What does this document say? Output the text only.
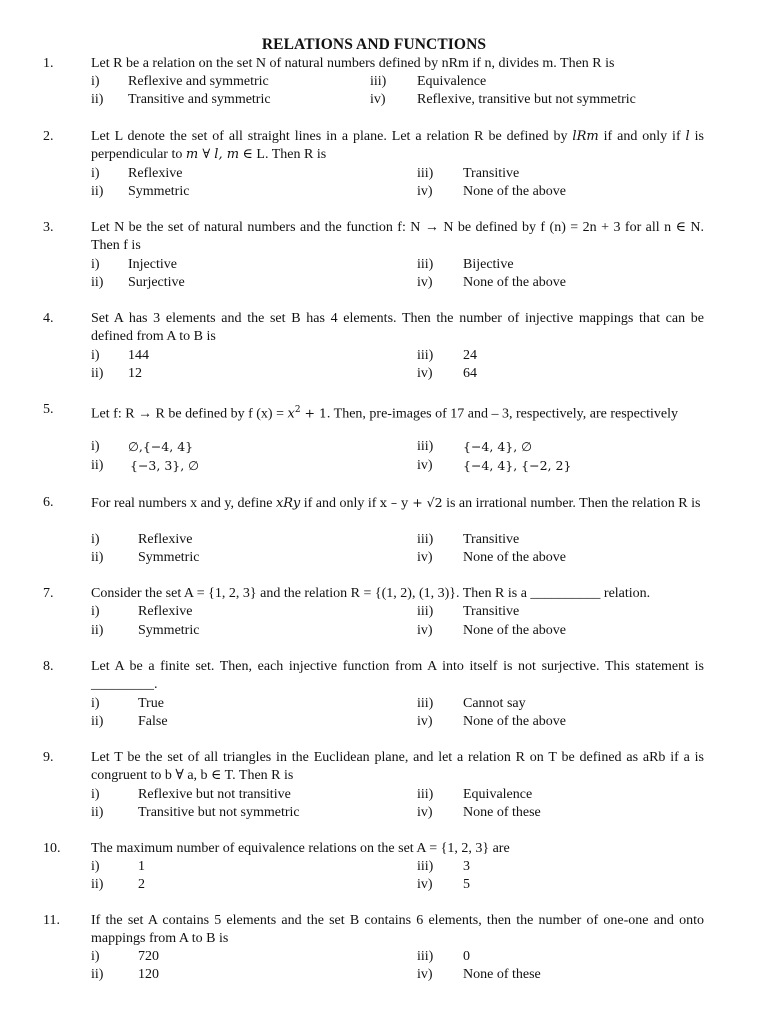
RELATIONS AND FUNCTIONS
1.	Let R be a relation on the set N of natural numbers defined by nRm if n, divides m. Then R is
i) Reflexive and symmetric
ii) Transitive and symmetric
iii) Equivalence
iv) Reflexive, transitive but not symmetric
2.	Let L denote the set of all straight lines in a plane. Let a relation R be defined by lRm if and only if l is perpendicular to m ∀ l, m ∈ L. Then R is
i) Reflexive
ii) Symmetric
iii) Transitive
iv) None of the above
3.	Let N be the set of natural numbers and the function f: N → N be defined by f (n) = 2n + 3 for all n ∈ N. Then f is
i) Injective
ii) Surjective
iii) Bijective
iv) None of the above
4.	Set A has 3 elements and the set B has 4 elements. Then the number of injective mappings that can be defined from A to B is
i) 144
ii) 12
iii) 24
iv) 64
5.	Let f: R → R be defined by f $(x) = x^2 + 1$. Then, pre-images of 17 and – 3, respectively, are respectively
i) ∅,{−4, 4}
ii) {−3, 3}, ∅
iii) {−4, 4}, ∅
iv) {−4, 4}, {−2, 2}
6.	For real numbers x and y, define xRy if and only if x – y + √2 is an irrational number. Then the relation R is
i)	Reflexive
ii) Symmetric
iii) Transitive
iv) None of the above
7.	Consider the set A = {1, 2, 3} and the relation R = {(1, 2), (1, 3)}. Then R is a __________ relation.
i)	Reflexive
ii) Symmetric
iii) Transitive
iv) None of the above
8.	Let A be a finite set. Then, each injective function from A into itself is not surjective. This statement is _________.
i)	True
ii) False
iii) Cannot say
iv) None of the above
9.	Let T be the set of all triangles in the Euclidean plane, and let a relation R on T be defined as aRb if a is congruent to b ∀ a, b ∈ T. Then R is
i)	Reflexive but not transitive
ii) Transitive but not symmetric
iii) Equivalence
iv) None of these
10. The maximum number of equivalence relations on the set A = {1, 2, 3} are
i)	1
ii) 2
iii) 3
iv) 5
11. If the set A contains 5 elements and the set B contains 6 elements, then the number of one-one and onto mappings from A to B is
i)	720
ii) 120
iii) 0
iv) None of these
